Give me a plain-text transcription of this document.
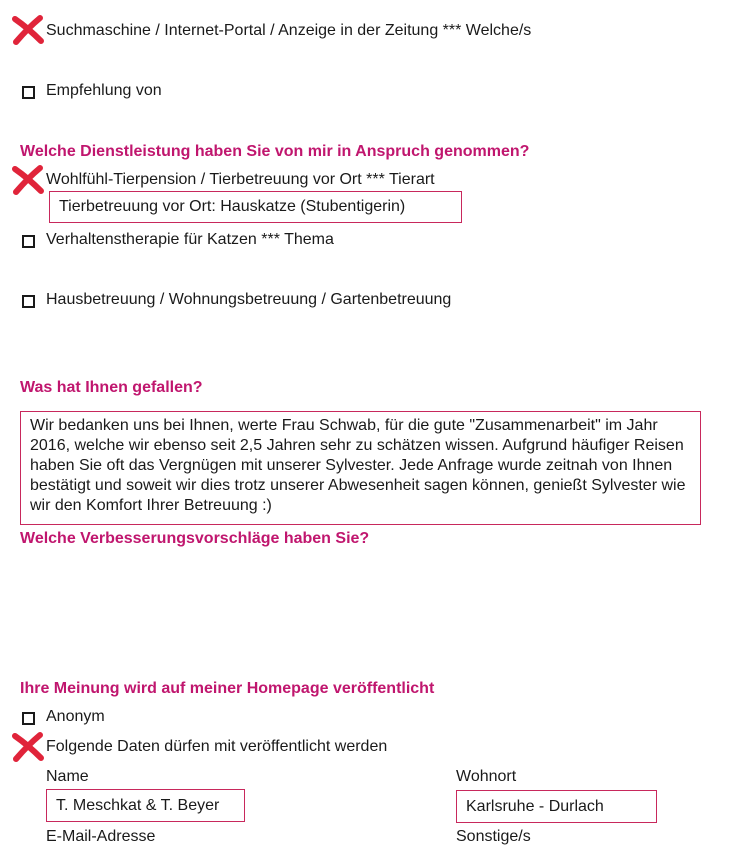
Suchmaschine / Internet-Portal / Anzeige in der Zeitung *** Welche/s
Empfehlung von
Welche Dienstleistung haben Sie von mir in Anspruch genommen?
Wohlfühl-Tierpension / Tierbetreuung vor Ort *** Tierart
Tierbetreuung vor Ort: Hauskatze (Stubentigerin)
Verhaltenstherapie für Katzen *** Thema
Hausbetreuung / Wohnungsbetreuung / Gartenbetreuung
Was hat Ihnen gefallen?
Wir bedanken uns bei Ihnen, werte Frau Schwab, für die gute "Zusammenarbeit" im Jahr 2016, welche wir ebenso seit 2,5 Jahren sehr zu schätzen wissen. Aufgrund häufiger Reisen haben Sie oft das Vergnügen mit unserer Sylvester. Jede Anfrage wurde zeitnah von Ihnen bestätigt und soweit wir dies trotz unserer Abwesenheit sagen können, genießt Sylvester wie wir den Komfort Ihrer Betreuung :)
Welche Verbesserungsvorschläge haben Sie?
Ihre Meinung wird auf meiner Homepage veröffentlicht
Anonym
Folgende Daten dürfen mit veröffentlicht werden
Name	Wohnort
T. Meschkat & T. Beyer	Karlsruhe - Durlach
E-Mail-Adresse	Sonstige/s
